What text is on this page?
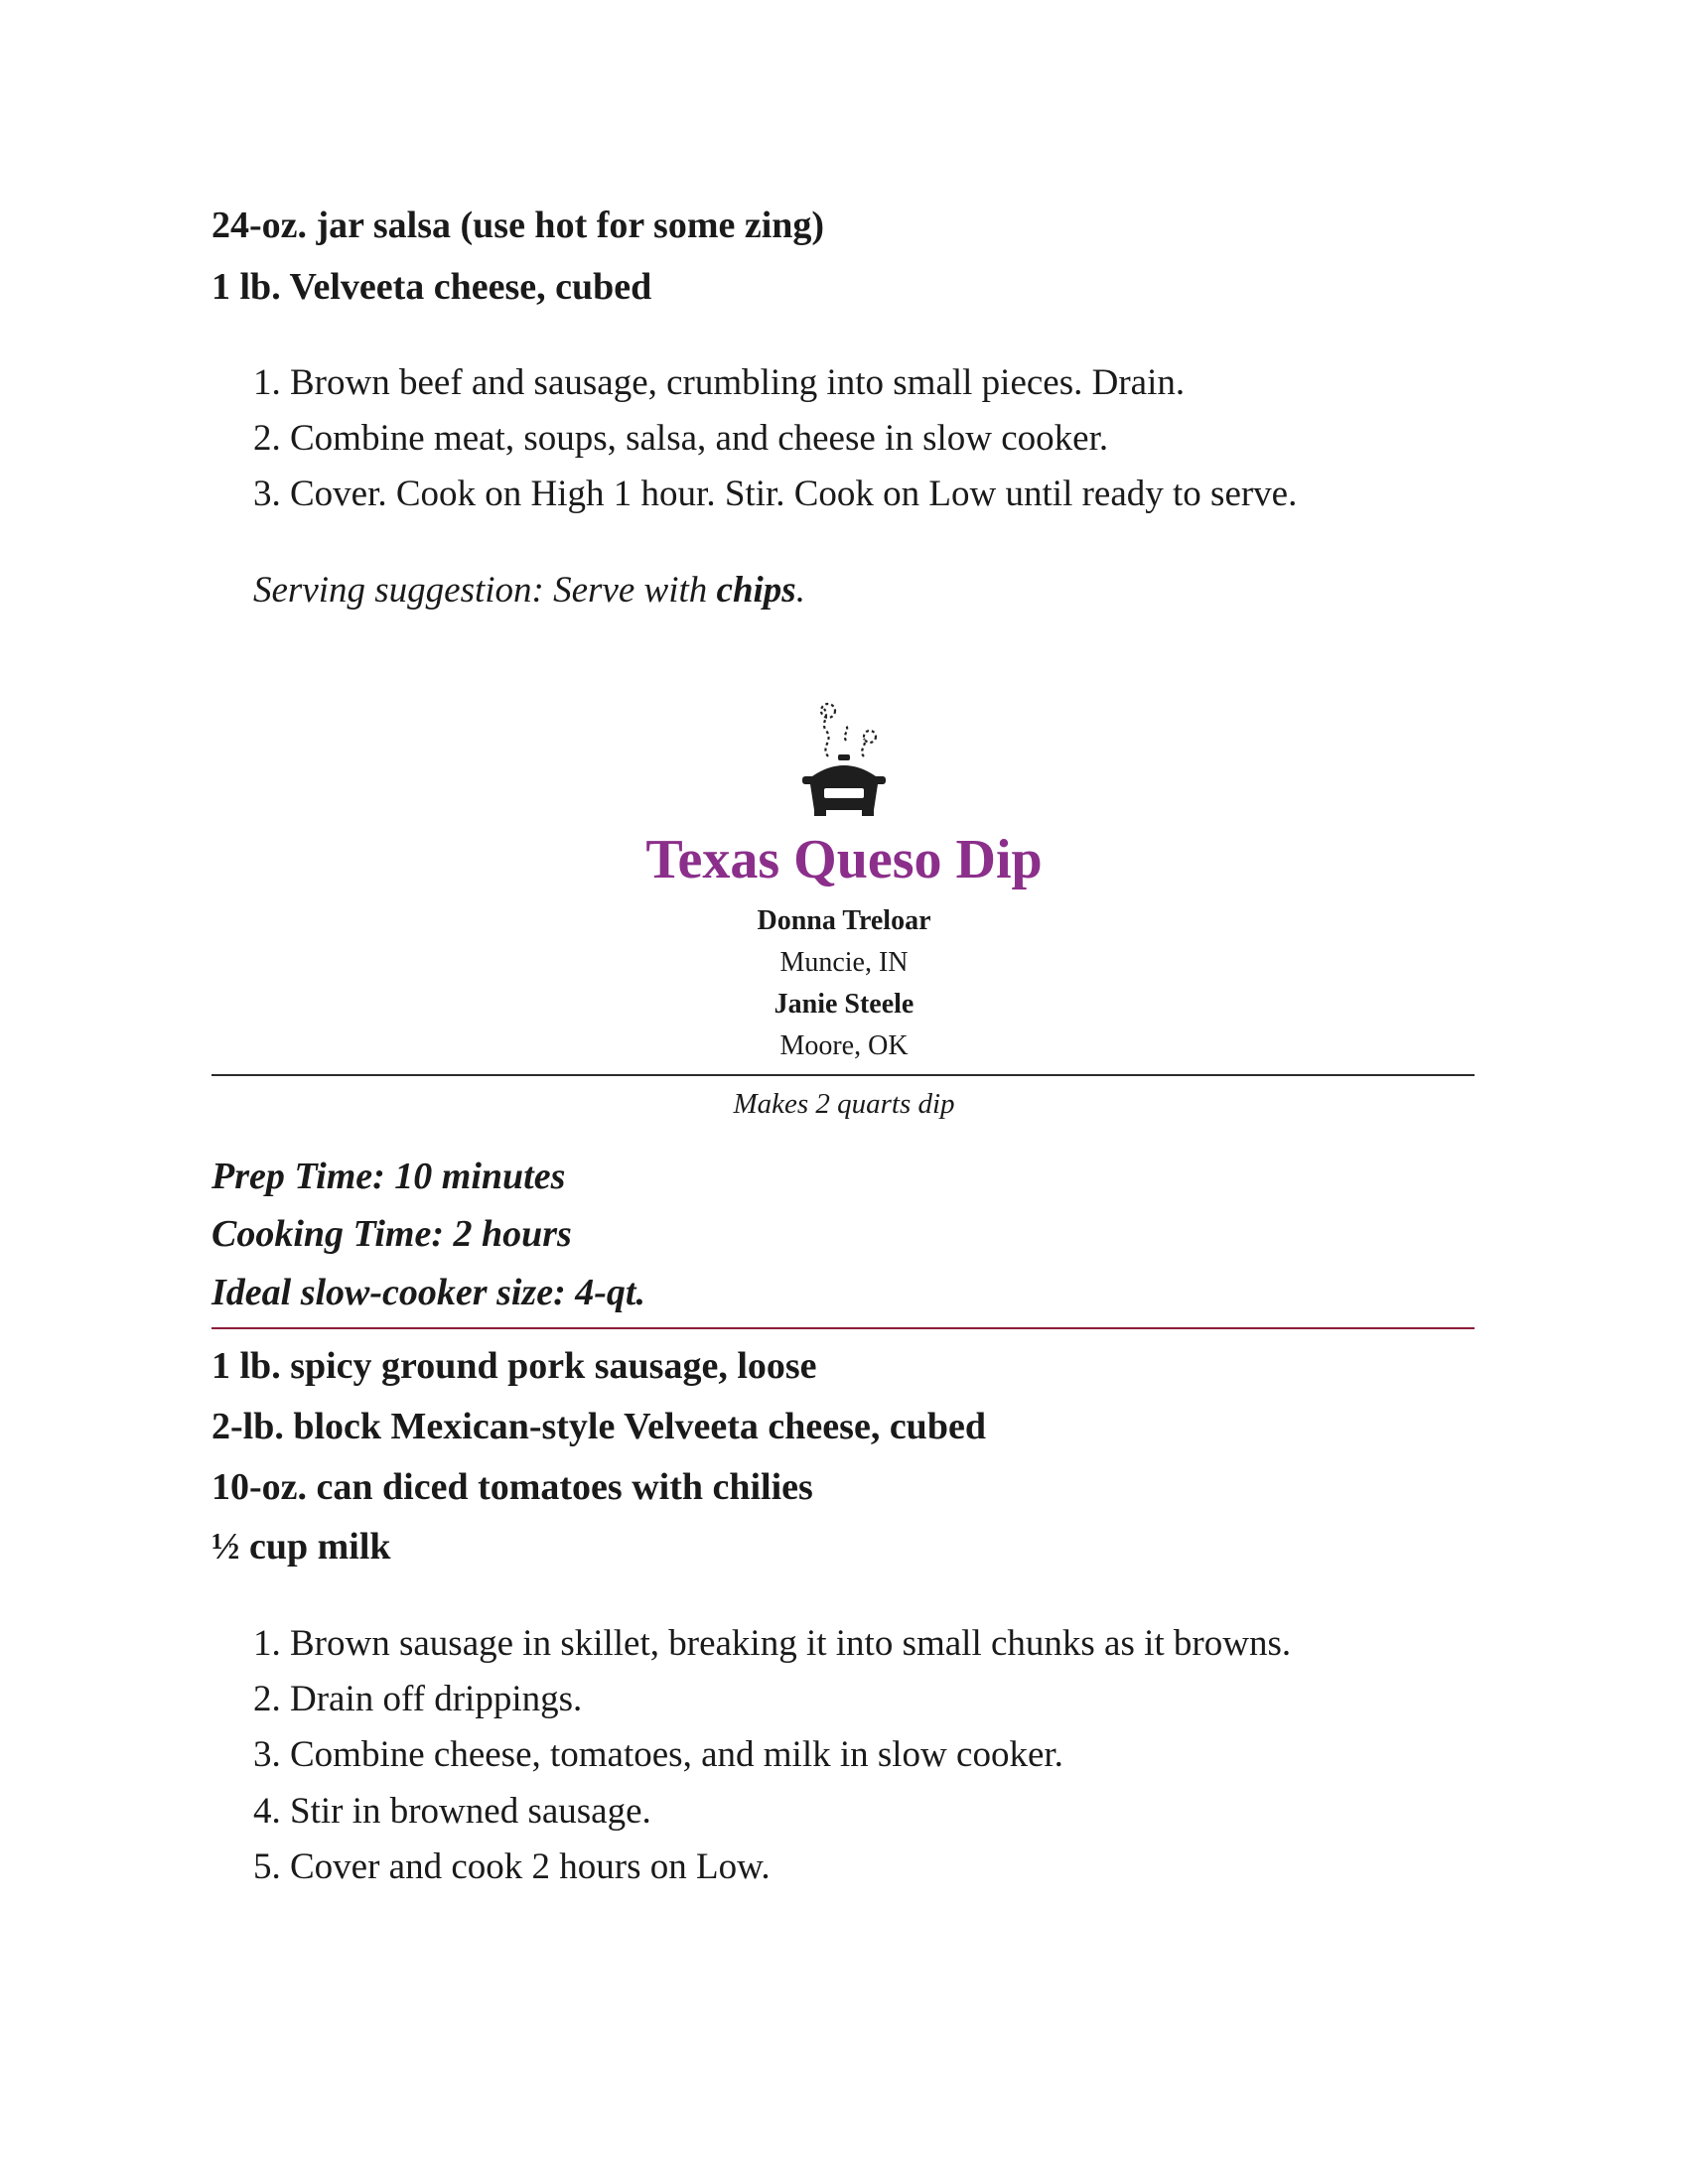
24-oz. jar salsa (use hot for some zing)
1 lb. Velveeta cheese, cubed
1. Brown beef and sausage, crumbling into small pieces. Drain.
2. Combine meat, soups, salsa, and cheese in slow cooker.
3. Cover. Cook on High 1 hour. Stir. Cook on Low until ready to serve.
Serving suggestion: Serve with chips.
Texas Queso Dip
Donna Treloar
Muncie, IN
Janie Steele
Moore, OK
Makes 2 quarts dip
Prep Time: 10 minutes
Cooking Time: 2 hours
Ideal slow-cooker size: 4-qt.
1 lb. spicy ground pork sausage, loose
2-lb. block Mexican-style Velveeta cheese, cubed
10-oz. can diced tomatoes with chilies
½ cup milk
1. Brown sausage in skillet, breaking it into small chunks as it browns.
2. Drain off drippings.
3. Combine cheese, tomatoes, and milk in slow cooker.
4. Stir in browned sausage.
5. Cover and cook 2 hours on Low.
